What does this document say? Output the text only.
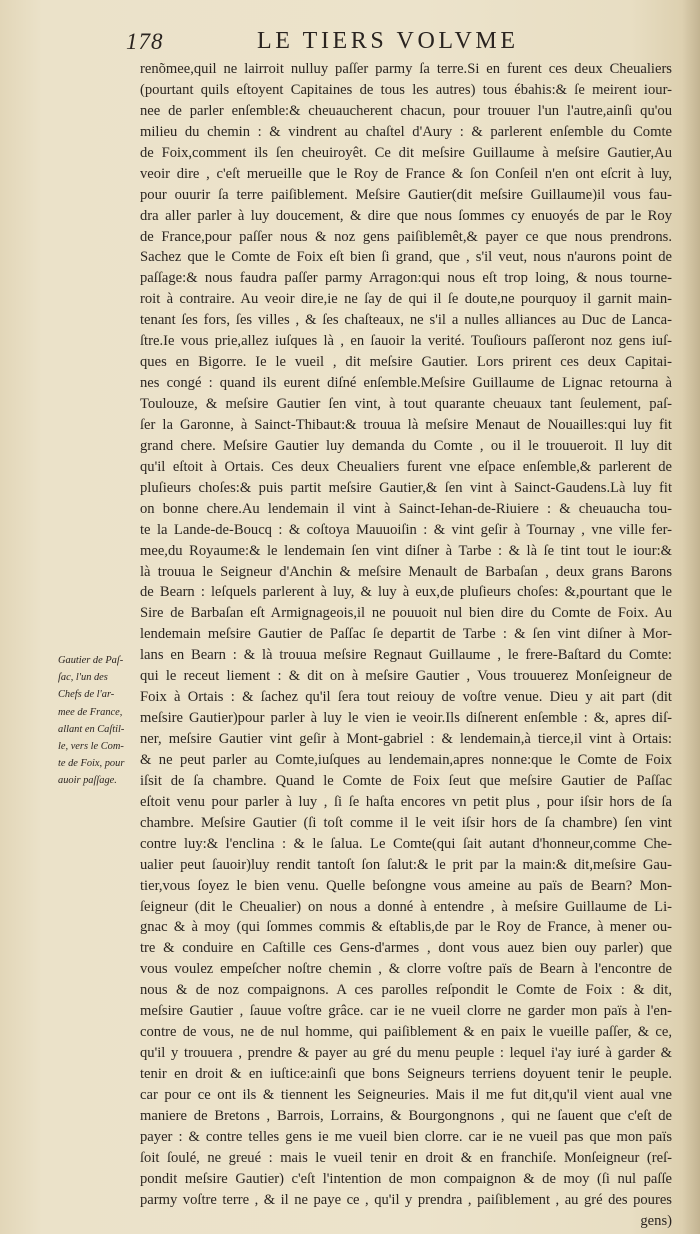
178	LE TIERS VOLVME
renõmee,quil ne lairroit nulluy paſſer parmy ſa terre.Si en furent ces deux Cheualiers
(pourtant quils eſtoyent Capitaines de tous les autres) tous ébahis:& ſe meirent iour-
nee de parler enſemble:& cheuaucherent chacun, pour trouuer l'un l'autre,ainſi qu'ou
milieu du chemin : & vindrent au chaſtel d'Aury : & parlerent enſemble du Comte
de Foix,comment ils ſen cheuiroyêt. Ce dit meſsire Guillaume à meſsire Gautier,Au
veoir dire , c'eſt merueille que le Roy de France & ſon Conſeil n'en ont eſcrit à luy,
pour ouurir ſa terre paiſiblement. Meſsire Gautier(dit meſsire Guillaume)il vous fau-
dra aller parler à luy doucement, & dire que nous ſommes cy enuoyés de par le Roy
de France,pour paſſer nous & noz gens paiſiblemêt,& payer ce que nous prendrons.
Sachez que le Comte de Foix eſt bien ſi grand, que , s'il veut, nous n'aurons point de
paſſage:& nous faudra paſſer parmy Arragon:qui nous eſt trop loing, & nous tourne-
roit à contraire. Au veoir dire,ie ne ſay de qui il ſe doute,ne pourquoy il garnit main-
tenant ſes fors, ſes villes , & ſes chaſteaux, ne s'il a nulles alliances au Duc de Lanca-
ſtre.Ie vous prie,allez iuſques là , en ſauoir la verité. Touſiours paſſeront noz gens iuſ-
ques en Bigorre. Ie le vueil , dit meſsire Gautier. Lors prirent ces deux Capitai-
nes congé : quand ils eurent diſné enſemble.Meſsire Guillaume de Lignac retourna à
Toulouze, & meſsire Gautier ſen vint, à tout quarante cheuaux tant ſeulement, paſ-
ſer la Garonne, à Sainct-Thibaut:& trouua là meſsire Menaut de Nouailles:qui luy fit
grand chere. Meſsire Gautier luy demanda du Comte , ou il le trouueroit. Il luy dit
qu'il eſtoit à Ortais. Ces deux Cheualiers furent vne eſpace enſemble,& parlerent de
pluſieurs choſes:& puis partit meſsire Gautier,& ſen vint à Sainct-Gaudens.Là luy fit
on bonne chere.Au lendemain il vint à Sainct-Iehan-de-Riuiere : & cheuaucha tou-
te la Lande-de-Boucq : & coſtoya Mauuoiſin : & vint geſir à Tournay , vne ville fer-
mee,du Royaume:& le lendemain ſen vint diſner à Tarbe : & là ſe tint tout le iour:&
là trouua le Seigneur d'Anchin & meſsire Menault de Barbaſan , deux grans Barons
de Bearn : leſquels parlerent à luy, & luy à eux,de pluſieurs choſes: &,pourtant que le
Sire de Barbaſan eſt Armignageois,il ne pouuoit nul bien dire du Comte de Foix. Au
lendemain meſsire Gautier de Paſſac ſe departit de Tarbe : & ſen vint diſner à Mor-
lans en Bearn : & là trouua meſsire Regnaut Guillaume , le frere-Baſtard du Comte:
qui le receut liement : & dit on à meſsire Gautier , Vous trouuerez Monſeigneur de
Foix à Ortais : & ſachez qu'il ſera tout reiouy de voſtre venue. Dieu y ait part (dit
meſsire Gautier)pour parler à luy le vien ie veoir.Ils diſnerent enſemble : &, apres diſ-
ner, meſsire Gautier vint geſir à Mont-gabriel : & lendemain,à tierce,il vint à Ortais:
& ne peut parler au Comte,iuſques au lendemain,apres nonne:que le Comte de Foix
iſsit de ſa chambre. Quand le Comte de Foix ſeut que meſsire Gautier de Paſſac
eſtoit venu pour parler à luy , ſi ſe haſta encores vn petit plus , pour iſsir hors de ſa
chambre. Meſsire Gautier (ſi toſt comme il le veit iſsir hors de ſa chambre) ſen vint
contre luy:& l'enclina : & le ſalua. Le Comte(qui ſait autant d'honneur,comme Che-
ualier peut ſauoir)luy rendit tantoſt ſon ſalut:& le prit par la main:& dit,meſsire Gau-
tier,vous ſoyez le bien venu. Quelle beſongne vous ameine au païs de Bearn? Mon-
ſeigneur (dit le Cheualier) on nous a donné à entendre , à meſsire Guillaume de Li-
gnac & à moy (qui ſommes commis & eſtablis,de par le Roy de France, à mener ou-
tre & conduire en Caſtille ces Gens-d'armes , dont vous auez bien ouy parler) que
vous voulez empeſcher noſtre chemin , & clorre voſtre païs de Bearn à l'encontre de
nous & de noz compaignons. A ces parolles reſpondit le Comte de Foix : & dit,
meſsire Gautier , ſauue voſtre grâce. car ie ne vueil clorre ne garder mon païs à l'en-
contre de vous, ne de nul homme, qui paiſiblement & en paix le vueille paſſer, & ce,
qu'il y trouuera , prendre & payer au gré du menu peuple : lequel i'ay iuré à garder &
tenir en droit & en iuſtice:ainſi que bons Seigneurs terriens doyuent tenir le peuple.
car pour ce ont ils & tiennent les Seigneuries. Mais il me fut dit,qu'il vient aual vne
maniere de Bretons , Barrois, Lorrains, & Bourgongnons , qui ne ſauent que c'eſt de
payer : & contre telles gens ie me vueil bien clorre. car ie ne vueil pas que mon païs
ſoit ſoulé, ne greué : mais le vueil tenir en droit & en franchiſe. Monſeigneur (reſ-
pondit meſsire Gautier) c'eſt l'intention de mon compaignon & de moy (ſi nul paſſe
parmy voſtre terre , & il ne paye ce , qu'il y prendra , paiſiblement , au gré des poures
gens)
Gautier de Paſ-
ſac, l'un des
Chefs de l'ar-
mee de France,
allant en Caſtil-
le, vers le Com-
te de Foix, pour
auoir paſſage.
